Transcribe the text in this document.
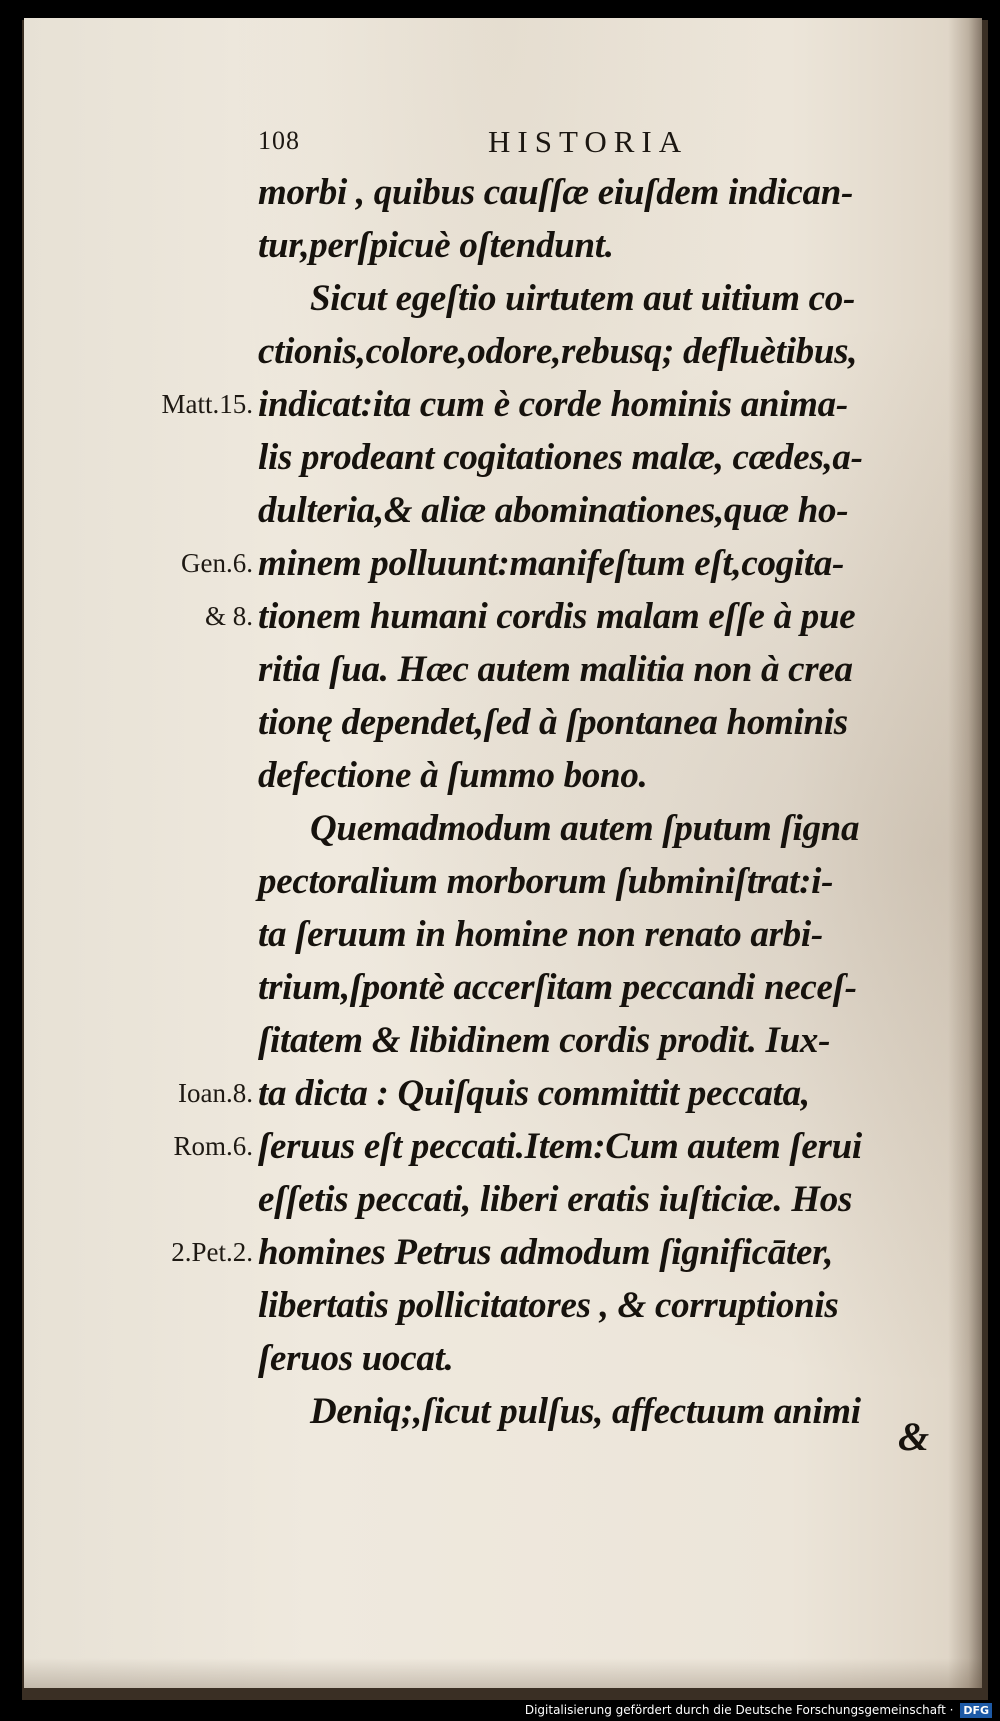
108	HISTORIA
Matt.15.
Gen.6.
& 8.
Ioan.8.
Rom.6.
2.Pet.2.
morbi , quibus cauſſæ eiuſdem indican-
tur,perſpicuè oſtendunt.
Sicut egeſtio uirtutem aut uitium co-
ctionis,colore,odore,rebusq; defluètibus,
indicat:ita cum è corde hominis anima-
lis prodeant cogitationes malæ, cædes,a-
dulteria,& aliæ abominationes,quæ ho-
minem polluunt:manifeſtum eſt,cogita-
tionem humani cordis malam eſſe à pue
ritia ſua. Hæc autem malitia non à crea
tionę dependet,ſed à ſpontanea hominis
defectione à ſummo bono.
Quemadmodum autem ſputum ſigna
pectoralium morborum ſubminiſtrat:i-
ta ſeruum in homine non renato arbi-
trium,ſpontè accerſitam peccandi neceſ-
ſitatem & libidinem cordis prodit. Iux-
ta dicta : Quiſquis committit peccata,
ſeruus eſt peccati.Item:Cum autem ſerui
eſſetis peccati, liberi eratis iuſticiæ. Hos
homines Petrus admodum ſignificāter,
libertatis pollicitatores , & corruptionis
ſeruos uocat.
Deniq;,ſicut pulſus, affectuum animi
&
Digitalisierung gefördert durch die Deutsche Forschungsgemeinschaft · DFG
